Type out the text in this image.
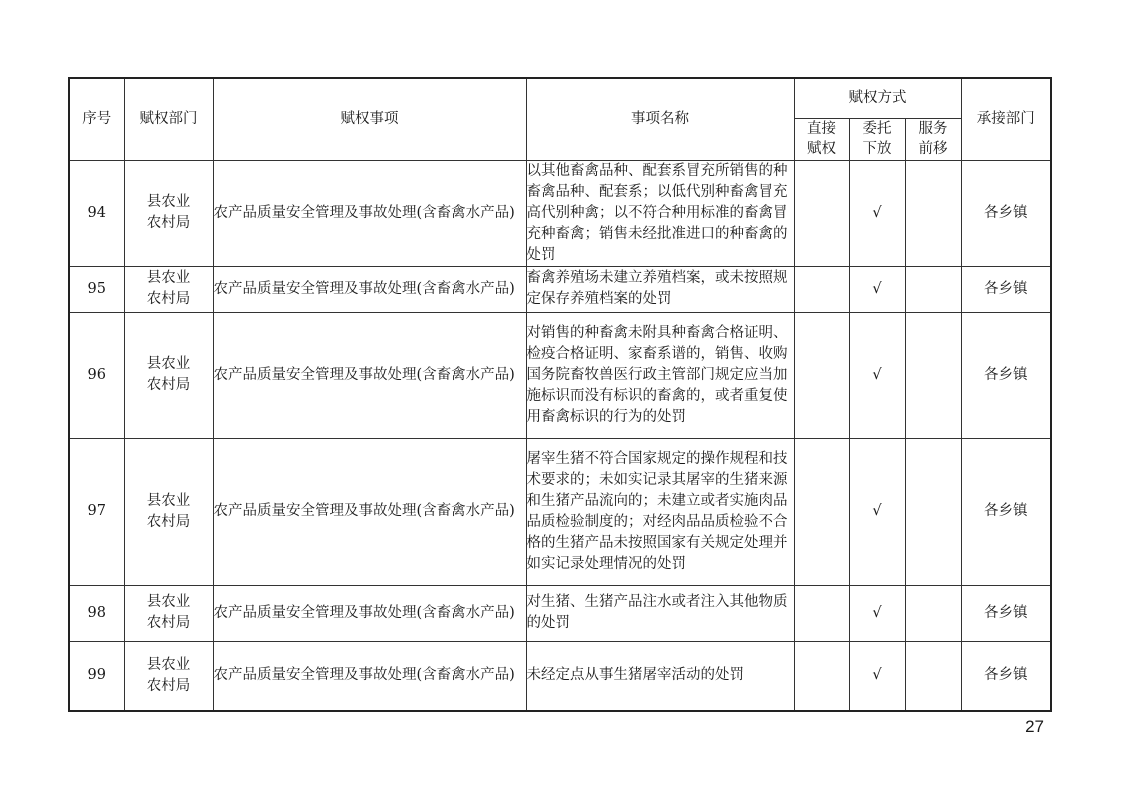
序号	赋权部门	赋权事项	事项名称	赋权方式			承接部门
				直接赋权	委托下放	服务前移	
94	县农业农村局	农产品质量安全管理及事故处理(含畜禽水产品)	以其他畜禽品种、配套系冒充所销售的种畜禽品种、配套系；以低代别种畜禽冒充高代别种禽；以不符合种用标准的畜禽冒充种畜禽；销售未经批准进口的种畜禽的处罚		√		各乡镇
95	县农业农村局	农产品质量安全管理及事故处理(含畜禽水产品)	畜禽养殖场未建立养殖档案，或未按照规定保存养殖档案的处罚		√		各乡镇
96	县农业农村局	农产品质量安全管理及事故处理(含畜禽水产品)	对销售的种畜禽未附具种畜禽合格证明、检疫合格证明、家畜系谱的，销售、收购国务院畜牧兽医行政主管部门规定应当加施标识而没有标识的畜禽的，或者重复使用畜禽标识的行为的处罚		√		各乡镇
97	县农业农村局	农产品质量安全管理及事故处理(含畜禽水产品)	屠宰生猪不符合国家规定的操作规程和技术要求的；未如实记录其屠宰的生猪来源和生猪产品流向的；未建立或者实施肉品品质检验制度的；对经肉品品质检验不合格的生猪产品未按照国家有关规定处理并如实记录处理情况的处罚		√		各乡镇
98	县农业农村局	农产品质量安全管理及事故处理(含畜禽水产品)	对生猪、生猪产品注水或者注入其他物质的处罚		√		各乡镇
99	县农业农村局	农产品质量安全管理及事故处理(含畜禽水产品)	未经定点从事生猪屠宰活动的处罚		√		各乡镇
27
